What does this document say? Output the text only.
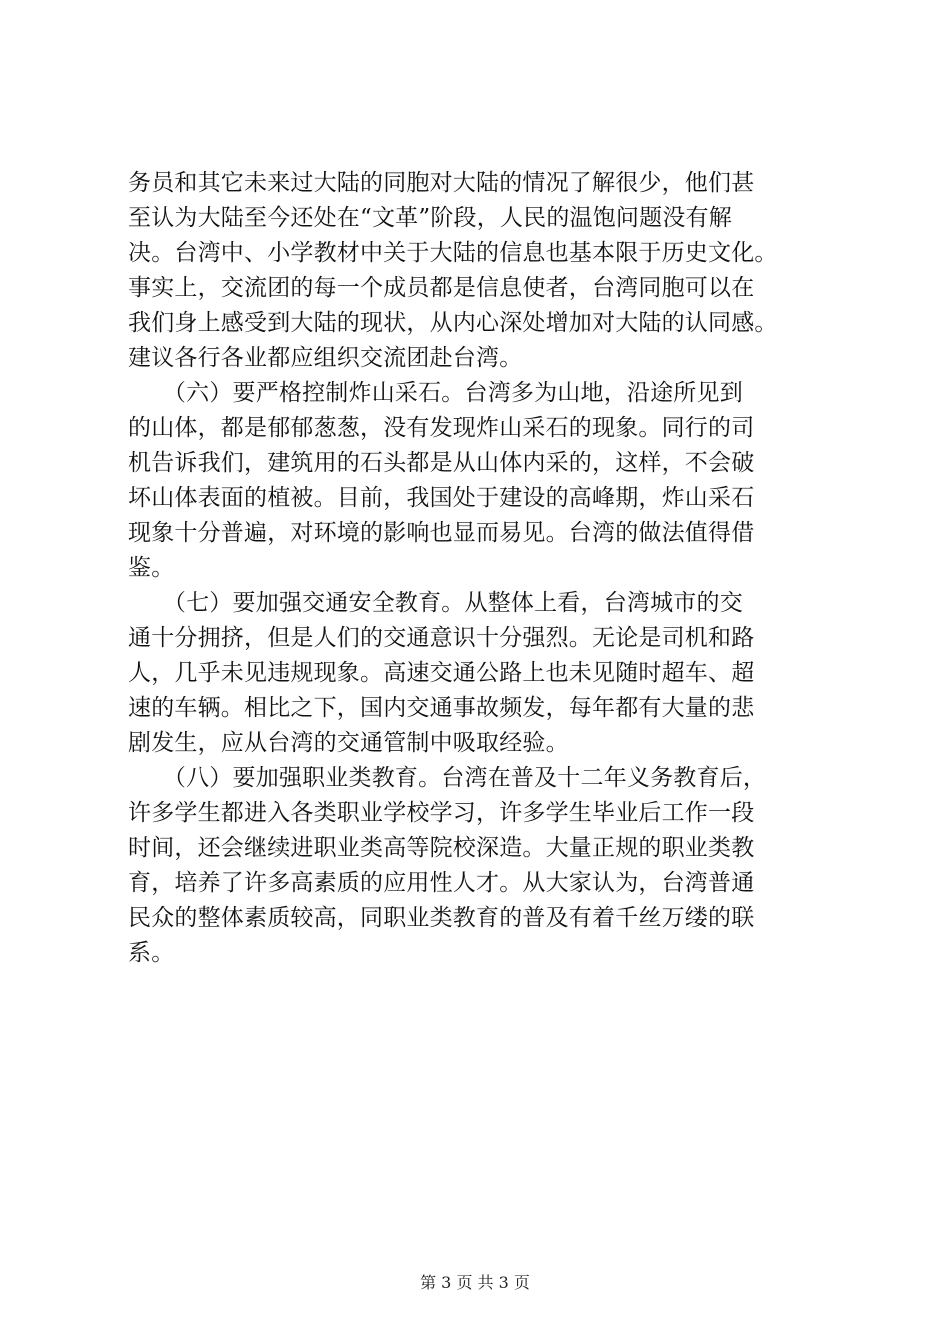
务员和其它未来过大陆的同胞对大陆的情况了解很少，他们甚
至认为大陆至今还处在“文革”阶段，人民的温饱问题没有解
决。台湾中、小学教材中关于大陆的信息也基本限于历史文化。
事实上，交流团的每一个成员都是信息使者，台湾同胞可以在
我们身上感受到大陆的现状，从内心深处增加对大陆的认同感。
建议各行各业都应组织交流团赴台湾。
　　（六）要严格控制炸山采石。台湾多为山地，沿途所见到
的山体，都是郁郁葱葱，没有发现炸山采石的现象。同行的司
机告诉我们，建筑用的石头都是从山体内采的，这样，不会破
坏山体表面的植被。目前，我国处于建设的高峰期，炸山采石
现象十分普遍，对环境的影响也显而易见。台湾的做法值得借
鉴。
　　（七）要加强交通安全教育。从整体上看，台湾城市的交
通十分拥挤，但是人们的交通意识十分强烈。无论是司机和路
人，几乎未见违规现象。高速交通公路上也未见随时超车、超
速的车辆。相比之下，国内交通事故频发，每年都有大量的悲
剧发生，应从台湾的交通管制中吸取经验。
　　（八）要加强职业类教育。台湾在普及十二年义务教育后，
许多学生都进入各类职业学校学习，许多学生毕业后工作一段
时间，还会继续进职业类高等院校深造。大量正规的职业类教
育，培养了许多高素质的应用性人才。从大家认为，台湾普通
民众的整体素质较高，同职业类教育的普及有着千丝万缕的联
系。
第 3 页 共 3 页
